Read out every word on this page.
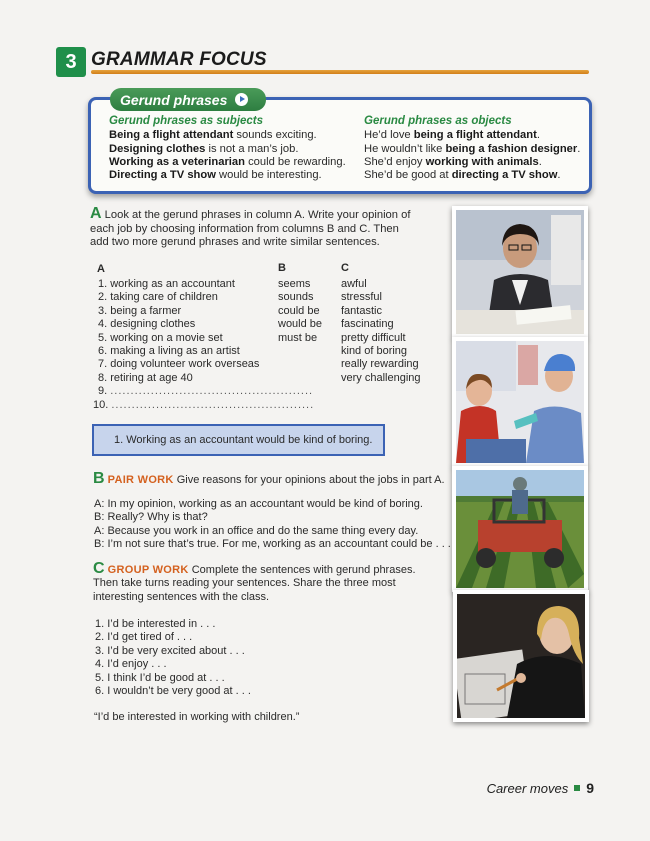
3 GRAMMAR FOCUS
Gerund phrases
Gerund phrases as subjects
Being a flight attendant sounds exciting.
Designing clothes is not a man’s job.
Working as a veterinarian could be rewarding.
Directing a TV show would be interesting.
Gerund phrases as objects
He’d love being a flight attendant.
He wouldn’t like being a fashion designer.
She’d enjoy working with animals.
She’d be good at directing a TV show.
A Look at the gerund phrases in column A. Write your opinion of each job by choosing information from columns B and C. Then add two more gerund phrases and write similar sentences.
A	B	C
1. working as an accountant
2. taking care of children
3. being a farmer
4. designing clothes
5. working on a movie set
6. making a living as an artist
7. doing volunteer work overseas
8. retiring at age 40
9. ..................................................
10. ..................................................
seems
sounds
could be
would be
must be
awful
stressful
fantastic
fascinating
pretty difficult
kind of boring
really rewarding
very challenging
1. Working as an accountant would be kind of boring.
B PAIR WORK Give reasons for your opinions about the jobs in part A.
A: In my opinion, working as an accountant would be kind of boring.
B: Really? Why is that?
A: Because you work in an office and do the same thing every day.
B: I’m not sure that’s true. For me, working as an accountant could be . . .
C GROUP WORK Complete the sentences with gerund phrases.
Then take turns reading your sentences. Share the three most interesting sentences with the class.
1. I’d be interested in . . .
2. I’d get tired of . . .
3. I’d be very excited about . . .
4. I’d enjoy . . .
5. I think I’d be good at . . .
6. I wouldn’t be very good at . . .
“I’d be interested in working with children.”
Career moves 9
